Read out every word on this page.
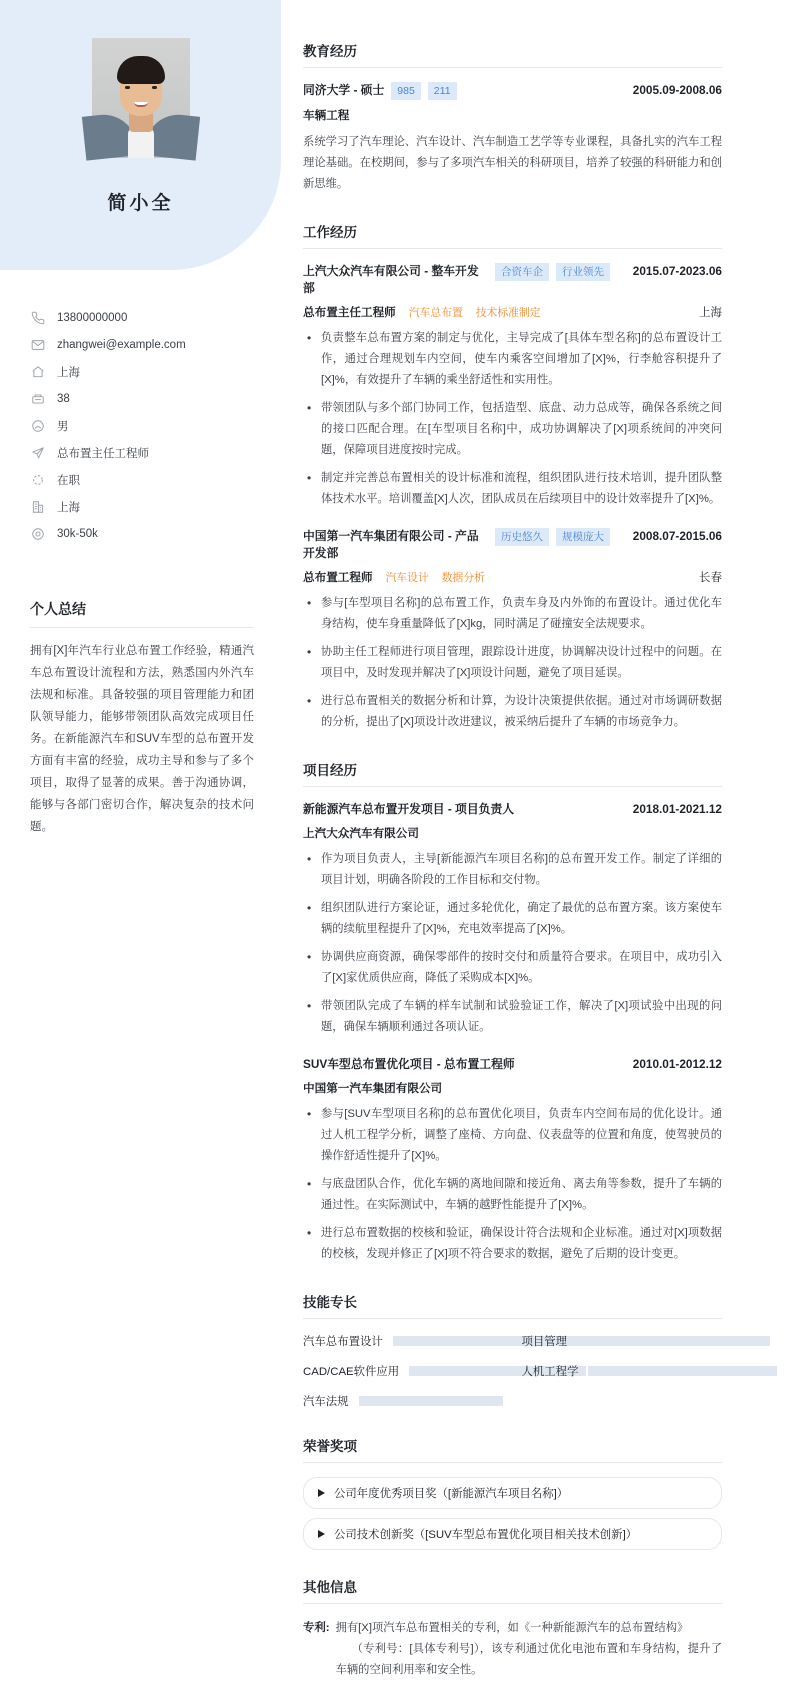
简小全
13800000000
zhangwei@example.com
上海
38
男
总布置主任工程师
在职
上海
30k-50k
个人总结
拥有[X]年汽车行业总布置工作经验，精通汽车总布置设计流程和方法，熟悉国内外汽车法规和标准。具备较强的项目管理能力和团队领导能力，能够带领团队高效完成项目任务。在新能源汽车和SUV车型的总布置开发方面有丰富的经验，成功主导和参与了多个项目，取得了显著的成果。善于沟通协调，能够与各部门密切合作，解决复杂的技术问题。
教育经历
同济大学 - 硕士	985	211	2005.09-2008.06
车辆工程
系统学习了汽车理论、汽车设计、汽车制造工艺学等专业课程，具备扎实的汽车工程理论基础。在校期间，参与了多项汽车相关的科研项目，培养了较强的科研能力和创新思维。
工作经历
上汽大众汽车有限公司 - 整车开发部
合资车企	行业领先	2015.07-2023.06
总布置主任工程师 汽车总布置 技术标准制定	上海
• 负责整车总布置方案的制定与优化，主导完成了[具体车型名称]的总布置设计工作，通过合理规划车内空间，使车内乘客空间增加了[X]%，行李舱容积提升了[X]%，有效提升了车辆的乘坐舒适性和实用性。
• 带领团队与多个部门协同工作，包括造型、底盘、动力总成等，确保各系统之间的接口匹配合理。在[车型项目名称]中，成功协调解决了[X]项系统间的冲突问题，保障项目进度按时完成。
• 制定并完善总布置相关的设计标准和流程，组织团队进行技术培训，提升团队整体技术水平。培训覆盖[X]人次，团队成员在后续项目中的设计效率提升了[X]%。
中国第一汽车集团有限公司 - 产品开发部
历史悠久	规模庞大	2008.07-2015.06
总布置工程师 汽车设计 数据分析	长春
• 参与[车型项目名称]的总布置工作，负责车身及内外饰的布置设计。通过优化车身结构，使车身重量降低了[X]kg，同时满足了碰撞安全法规要求。
• 协助主任工程师进行项目管理，跟踪设计进度，协调解决设计过程中的问题。在项目中，及时发现并解决了[X]项设计问题，避免了项目延误。
• 进行总布置相关的数据分析和计算，为设计决策提供依据。通过对市场调研数据的分析，提出了[X]项设计改进建议，被采纳后提升了车辆的市场竞争力。
项目经历
新能源汽车总布置开发项目 - 项目负责人	2018.01-2021.12
上汽大众汽车有限公司
• 作为项目负责人，主导[新能源汽车项目名称]的总布置开发工作。制定了详细的项目计划，明确各阶段的工作目标和交付物。
• 组织团队进行方案论证，通过多轮优化，确定了最优的总布置方案。该方案使车辆的续航里程提升了[X]%，充电效率提高了[X]%。
• 协调供应商资源，确保零部件的按时交付和质量符合要求。在项目中，成功引入了[X]家优质供应商，降低了采购成本[X]%。
• 带领团队完成了车辆的样车试制和试验验证工作，解决了[X]项试验中出现的问题，确保车辆顺利通过各项认证。
SUV车型总布置优化项目 - 总布置工程师	2010.01-2012.12
中国第一汽车集团有限公司
• 参与[SUV车型项目名称]的总布置优化项目，负责车内空间布局的优化设计。通过人机工程学分析，调整了座椅、方向盘、仪表盘等的位置和角度，使驾驶员的操作舒适性提升了[X]%。
• 与底盘团队合作，优化车辆的离地间隙和接近角、离去角等参数，提升了车辆的通过性。在实际测试中，车辆的越野性能提升了[X]%。
• 进行总布置数据的校核和验证，确保设计符合法规和企业标准。通过对[X]项数据的校核，发现并修正了[X]项不符合要求的数据，避免了后期的设计变更。
技能专长
汽车总布置设计	项目管理
CAD/CAE软件应用	人机工程学
汽车法规
荣誉奖项
公司年度优秀项目奖（[新能源汽车项目名称]）
公司技术创新奖（[SUV车型总布置优化项目相关技术创新]）
其他信息
专利: 拥有[X]项汽车总布置相关的专利，如《一种新能源汽车的总布置结构》
（专利号：[具体专利号]），该专利通过优化电池布置和车身结构，提升了车辆的空间利用率和安全性。
